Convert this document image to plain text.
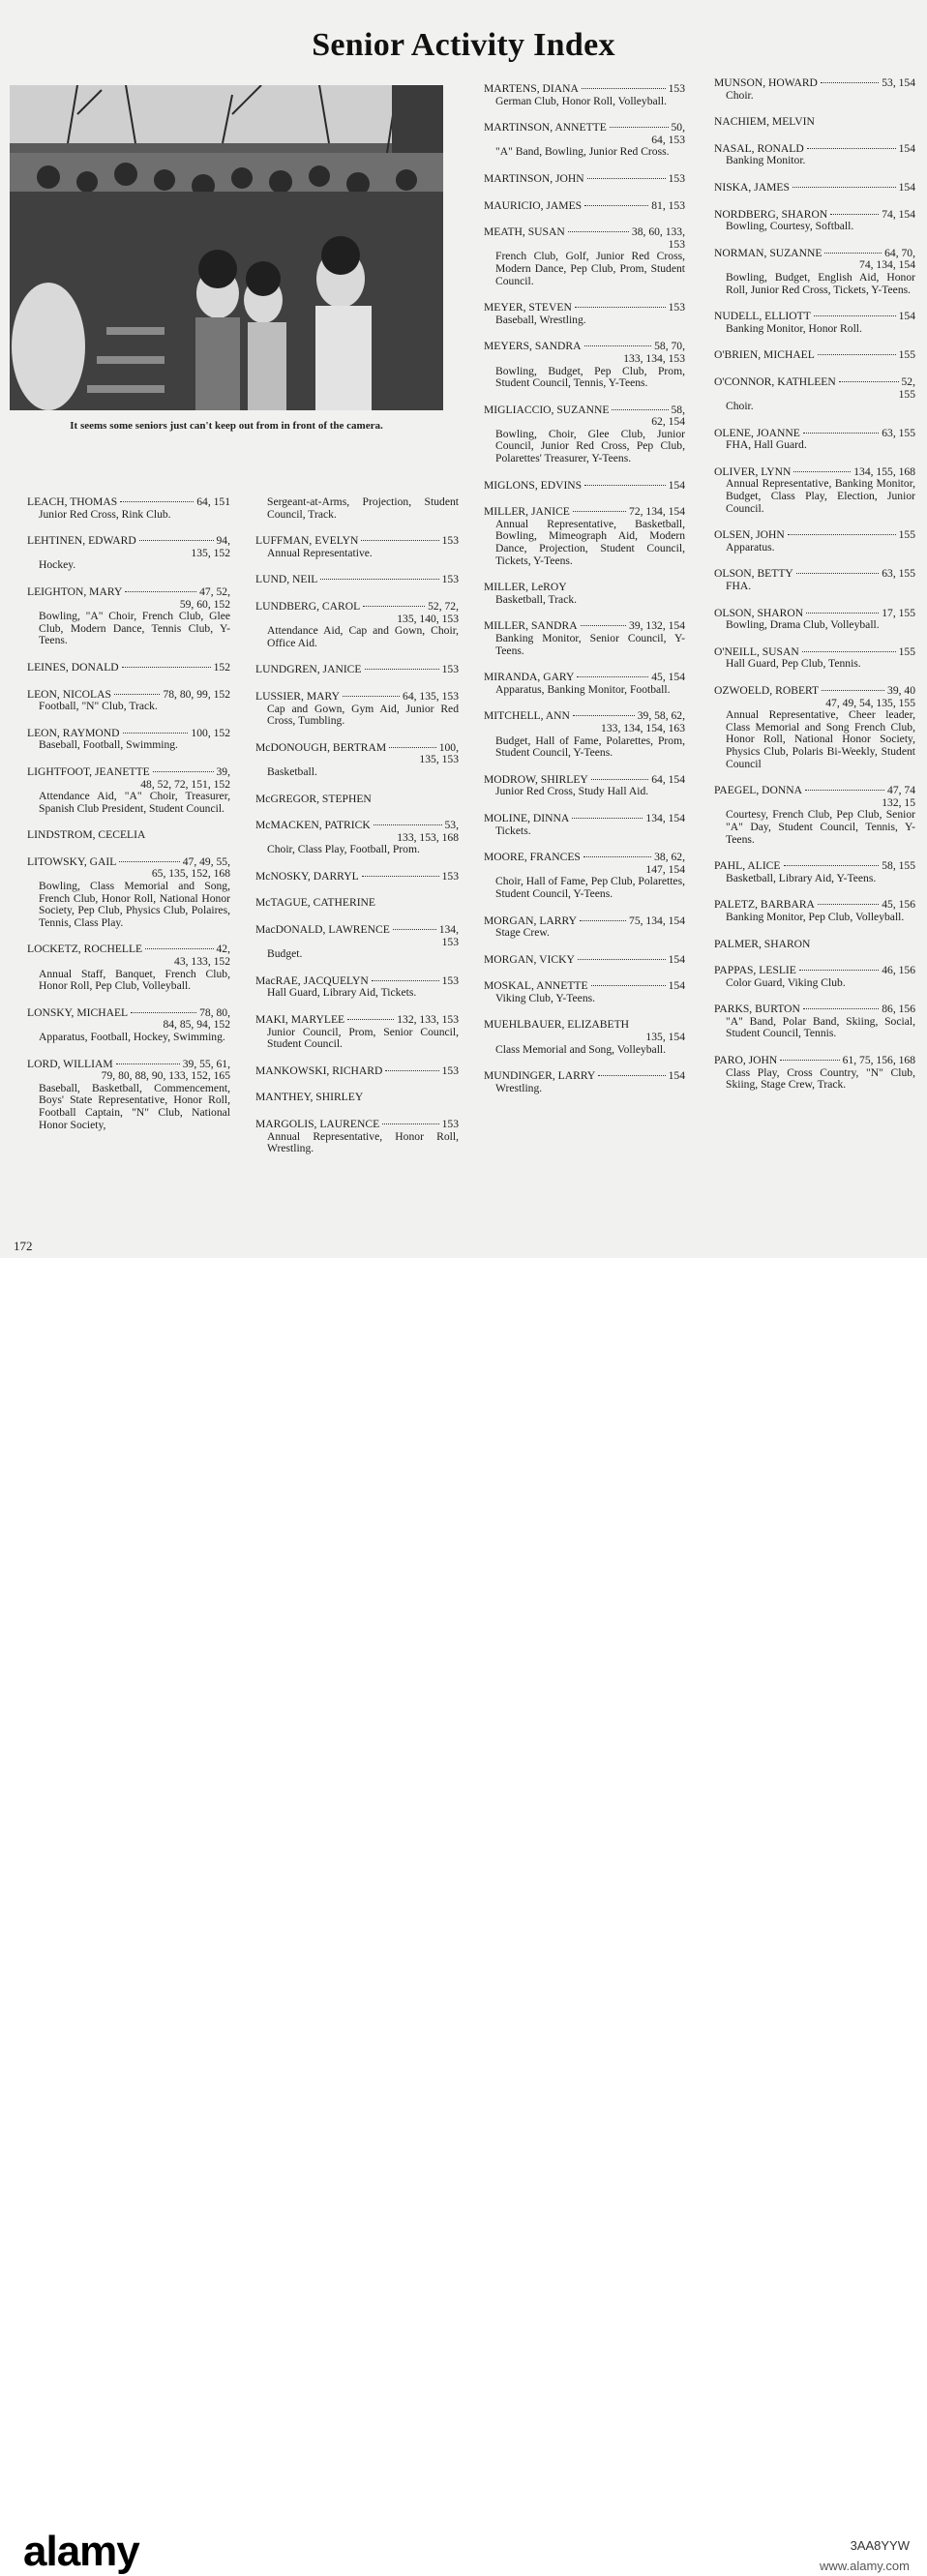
Senior Activity Index
It seems some seniors just can't keep out from in front of the camera.
LEACH, THOMAS	64, 151
Junior Red Cross, Rink Club.
LEHTINEN, EDWARD	94,
135, 152
Hockey.
LEIGHTON, MARY	47, 52,
59, 60, 152
Bowling, "A" Choir, French Club, Glee Club, Modern Dance, Tennis Club, Y-Teens.
LEINES, DONALD	152
LEON, NICOLAS	78, 80, 99, 152
Football, "N" Club, Track.
LEON, RAYMOND	100, 152
Baseball, Football, Swimming.
LIGHTFOOT, JEANETTE	39,
48, 52, 72, 151, 152
Attendance Aid, "A" Choir, Treasurer, Spanish Club President, Student Council.
LINDSTROM, CECELIA
LITOWSKY, GAIL	47, 49, 55,
65, 135, 152, 168
Bowling, Class Memorial and Song, French Club, Honor Roll, National Honor Society, Pep Club, Physics Club, Polaires, Tennis, Class Play.
LOCKETZ, ROCHELLE	42,
43, 133, 152
Annual Staff, Banquet, French Club, Honor Roll, Pep Club, Volleyball.
LONSKY, MICHAEL	78, 80,
84, 85, 94, 152
Apparatus, Football, Hockey, Swimming.
LORD, WILLIAM	39, 55, 61,
79, 80, 88, 90, 133, 152, 165
Baseball, Basketball, Commencement, Boys' State Representative, Honor Roll, Football Captain, "N" Club, National Honor Society,
Sergeant-at-Arms, Projection, Student Council, Track.
LUFFMAN, EVELYN	153
Annual Representative.
LUND, NEIL	153
LUNDBERG, CAROL	52, 72,
135, 140, 153
Attendance Aid, Cap and Gown, Choir, Office Aid.
LUNDGREN, JANICE	153
LUSSIER, MARY	64, 135, 153
Cap and Gown, Gym Aid, Junior Red Cross, Tumbling.
McDONOUGH, BERTRAM	100,
135, 153
Basketball.
McGREGOR, STEPHEN
McMACKEN, PATRICK	53,
133, 153, 168
Choir, Class Play, Football, Prom.
McNOSKY, DARRYL	153
McTAGUE, CATHERINE
MacDONALD, LAWRENCE	134,
153
Budget.
MacRAE, JACQUELYN	153
Hall Guard, Library Aid, Tickets.
MAKI, MARYLEE	132, 133, 153
Junior Council, Prom, Senior Council, Student Council.
MANKOWSKI, RICHARD	153
MANTHEY, SHIRLEY
MARGOLIS, LAURENCE	153
Annual Representative, Honor Roll, Wrestling.
MARTENS, DIANA	153
German Club, Honor Roll, Volleyball.
MARTINSON, ANNETTE	50,
64, 153
"A" Band, Bowling, Junior Red Cross.
MARTINSON, JOHN	153
MAURICIO, JAMES	81, 153
MEATH, SUSAN	38, 60, 133,
153
French Club, Golf, Junior Red Cross, Modern Dance, Pep Club, Prom, Student Council.
MEYER, STEVEN	153
Baseball, Wrestling.
MEYERS, SANDRA	58, 70,
133, 134, 153
Bowling, Budget, Pep Club, Prom, Student Council, Tennis, Y-Teens.
MIGLIACCIO, SUZANNE	58,
62, 154
Bowling, Choir, Glee Club, Junior Council, Junior Red Cross, Pep Club, Polarettes' Treasurer, Y-Teens.
MIGLONS, EDVINS	154
MILLER, JANICE	72, 134, 154
Annual Representative, Basketball, Bowling, Mimeograph Aid, Modern Dance, Projection, Student Council, Tickets, Y-Teens.
MILLER, LeROY
Basketball, Track.
MILLER, SANDRA	39, 132, 154
Banking Monitor, Senior Council, Y-Teens.
MIRANDA, GARY	45, 154
Apparatus, Banking Monitor, Football.
MITCHELL, ANN	39, 58, 62,
133, 134, 154, 163
Budget, Hall of Fame, Polarettes, Prom, Student Council, Y-Teens.
MODROW, SHIRLEY	64, 154
Junior Red Cross, Study Hall Aid.
MOLINE, DINNA	134, 154
Tickets.
MOORE, FRANCES	38, 62,
147, 154
Choir, Hall of Fame, Pep Club, Polarettes, Student Council, Y-Teens.
MORGAN, LARRY	75, 134, 154
Stage Crew.
MORGAN, VICKY	154
MOSKAL, ANNETTE	154
Viking Club, Y-Teens.
MUEHLBAUER, ELIZABETH
135, 154
Class Memorial and Song, Volleyball.
MUNDINGER, LARRY	154
Wrestling.
MUNSON, HOWARD	53, 154
Choir.
NACHIEM, MELVIN
NASAL, RONALD	154
Banking Monitor.
NISKA, JAMES	154
NORDBERG, SHARON	74, 154
Bowling, Courtesy, Softball.
NORMAN, SUZANNE	64, 70,
74, 134, 154
Bowling, Budget, English Aid, Honor Roll, Junior Red Cross, Tickets, Y-Teens.
NUDELL, ELLIOTT	154
Banking Monitor, Honor Roll.
O'BRIEN, MICHAEL	155
O'CONNOR, KATHLEEN	52,
155
Choir.
OLENE, JOANNE	63, 155
FHA, Hall Guard.
OLIVER, LYNN	134, 155, 168
Annual Representative, Banking Monitor, Budget, Class Play, Election, Junior Council.
OLSEN, JOHN	155
Apparatus.
OLSON, BETTY	63, 155
FHA.
OLSON, SHARON	17, 155
Bowling, Drama Club, Volleyball.
O'NEILL, SUSAN	155
Hall Guard, Pep Club, Tennis.
OZWOELD, ROBERT	39, 40
47, 49, 54, 135, 155
Annual Representative, Cheer leader, Class Memorial and Song French Club, Honor Roll, National Honor Society, Physics Club, Polaris Bi-Weekly, Student Council
PAEGEL, DONNA	47, 74
132, 15
Courtesy, French Club, Pep Club, Senior "A" Day, Student Council, Tennis, Y-Teens.
PAHL, ALICE	58, 155
Basketball, Library Aid, Y-Teens.
PALETZ, BARBARA	45, 156
Banking Monitor, Pep Club, Volleyball.
PALMER, SHARON
PAPPAS, LESLIE	46, 156
Color Guard, Viking Club.
PARKS, BURTON	86, 156
"A" Band, Polar Band, Skiing, Social, Student Council, Tennis.
PARO, JOHN	61, 75, 156, 168
Class Play, Cross Country, "N" Club, Skiing, Stage Crew, Track.
172
alamy	3AA8YYW
www.alamy.com
